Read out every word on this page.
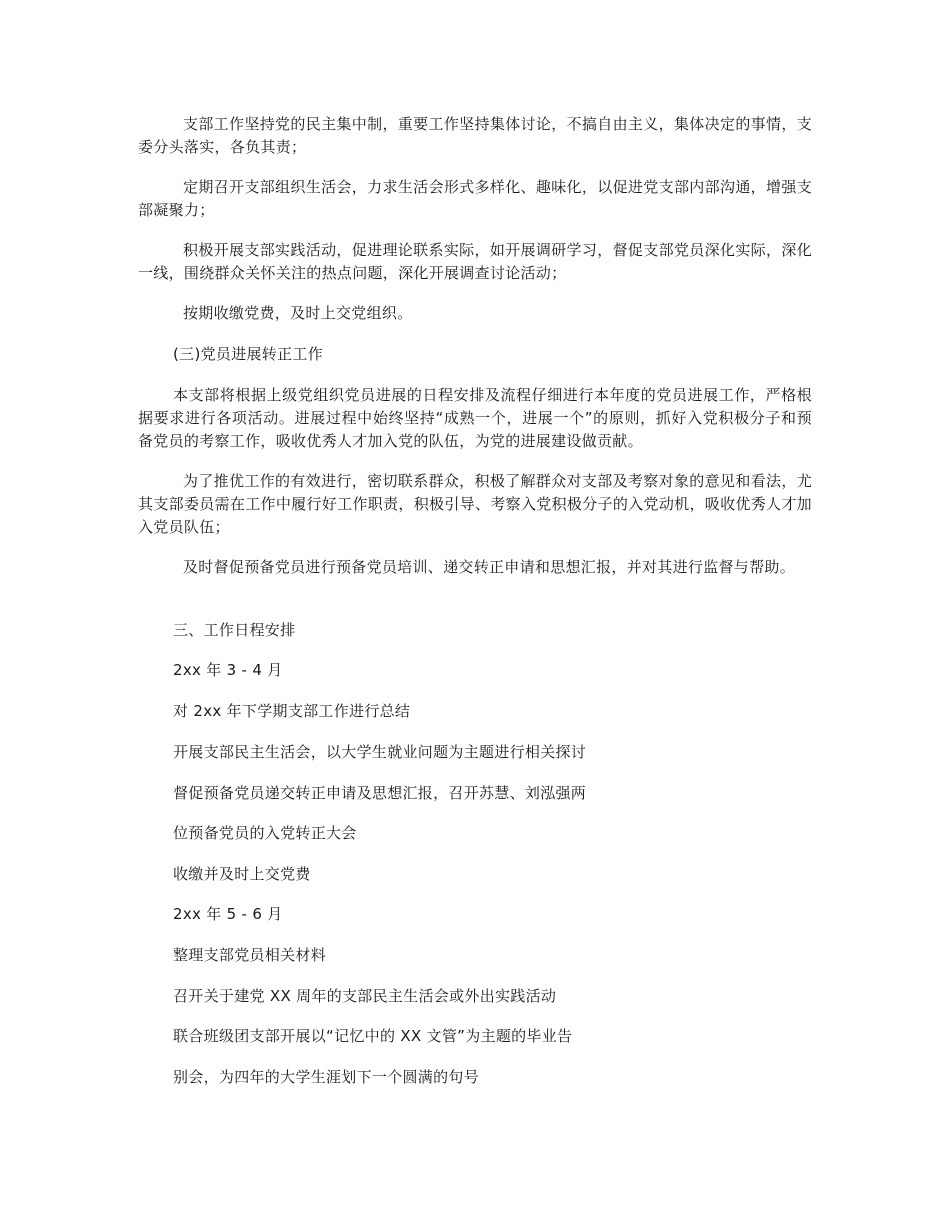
支部工作坚持党的民主集中制，重要工作坚持集体讨论，不搞自由主义，集体决定的事情，支委分头落实，各负其责；

定期召开支部组织生活会，力求生活会形式多样化、趣味化，以促进党支部内部沟通，增强支部凝聚力；

积极开展支部实践活动，促进理论联系实际，如开展调研学习，督促支部党员深化实际，深化一线，围绕群众关怀关注的热点问题，深化开展调查讨论活动；

按期收缴党费，及时上交党组织。

(三)党员进展转正工作

本支部将根据上级党组织党员进展的日程安排及流程仔细进行本年度的党员进展工作，严格根据要求进行各项活动。进展过程中始终坚持“成熟一个，进展一个”的原则，抓好入党积极分子和预备党员的考察工作，吸收优秀人才加入党的队伍，为党的进展建设做贡献。

为了推优工作的有效进行，密切联系群众，积极了解群众对支部及考察对象的意见和看法，尤其支部委员需在工作中履行好工作职责，积极引导、考察入党积极分子的入党动机，吸收优秀人才加入党员队伍；

及时督促预备党员进行预备党员培训、递交转正申请和思想汇报，并对其进行监督与帮助。

三、工作日程安排

2xx 年 3 - 4 月

对 2xx 年下学期支部工作进行总结

开展支部民主生活会，以大学生就业问题为主题进行相关探讨

督促预备党员递交转正申请及思想汇报，召开苏慧、刘泓强两

位预备党员的入党转正大会

收缴并及时上交党费

2xx 年 5 - 6 月

整理支部党员相关材料

召开关于建党 XX 周年的支部民主生活会或外出实践活动

联合班级团支部开展以“记忆中的 XX 文管”为主题的毕业告

别会，为四年的大学生涯划下一个圆满的句号
